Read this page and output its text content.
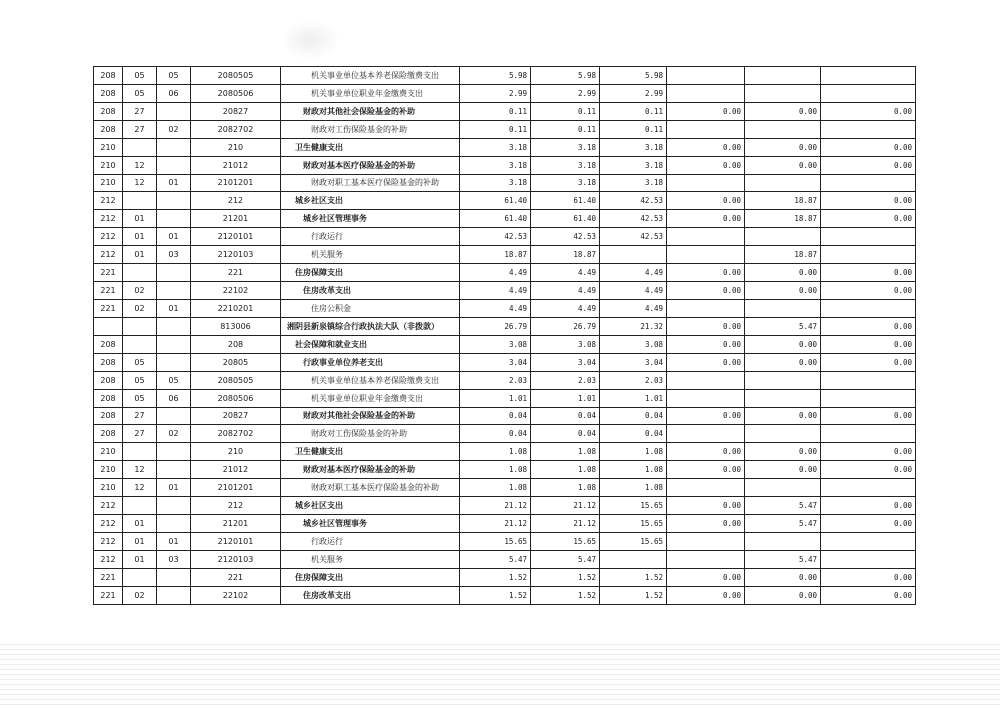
208	05	05	2080505	机关事业单位基本养老保险缴费支出	5.98	5.98	5.98			
208	05	06	2080506	机关事业单位职业年金缴费支出	2.99	2.99	2.99			
208	27		20827	财政对其他社会保险基金的补助	0.11	0.11	0.11	0.00	0.00	0.00
208	27	02	2082702	财政对工伤保险基金的补助	0.11	0.11	0.11			
210			210	卫生健康支出	3.18	3.18	3.18	0.00	0.00	0.00
210	12		21012	财政对基本医疗保险基金的补助	3.18	3.18	3.18	0.00	0.00	0.00
210	12	01	2101201	财政对职工基本医疗保险基金的补助	3.18	3.18	3.18			
212			212	城乡社区支出	61.40	61.40	42.53	0.00	18.87	0.00
212	01		21201	城乡社区管理事务	61.40	61.40	42.53	0.00	18.87	0.00
212	01	01	2120101	行政运行	42.53	42.53	42.53			
212	01	03	2120103	机关服务	18.87	18.87			18.87	
221			221	住房保障支出	4.49	4.49	4.49	0.00	0.00	0.00
221	02		22102	住房改革支出	4.49	4.49	4.49	0.00	0.00	0.00
221	02	01	2210201	住房公积金	4.49	4.49	4.49			
			813006	湘阴县新泉镇综合行政执法大队（非拨款）	26.79	26.79	21.32	0.00	5.47	0.00
208			208	社会保障和就业支出	3.08	3.08	3.08	0.00	0.00	0.00
208	05		20805	行政事业单位养老支出	3.04	3.04	3.04	0.00	0.00	0.00
208	05	05	2080505	机关事业单位基本养老保险缴费支出	2.03	2.03	2.03			
208	05	06	2080506	机关事业单位职业年金缴费支出	1.01	1.01	1.01			
208	27		20827	财政对其他社会保险基金的补助	0.04	0.04	0.04	0.00	0.00	0.00
208	27	02	2082702	财政对工伤保险基金的补助	0.04	0.04	0.04			
210			210	卫生健康支出	1.08	1.08	1.08	0.00	0.00	0.00
210	12		21012	财政对基本医疗保险基金的补助	1.08	1.08	1.08	0.00	0.00	0.00
210	12	01	2101201	财政对职工基本医疗保险基金的补助	1.08	1.08	1.08			
212			212	城乡社区支出	21.12	21.12	15.65	0.00	5.47	0.00
212	01		21201	城乡社区管理事务	21.12	21.12	15.65	0.00	5.47	0.00
212	01	01	2120101	行政运行	15.65	15.65	15.65			
212	01	03	2120103	机关服务	5.47	5.47			5.47	
221			221	住房保障支出	1.52	1.52	1.52	0.00	0.00	0.00
221	02		22102	住房改革支出	1.52	1.52	1.52	0.00	0.00	0.00
